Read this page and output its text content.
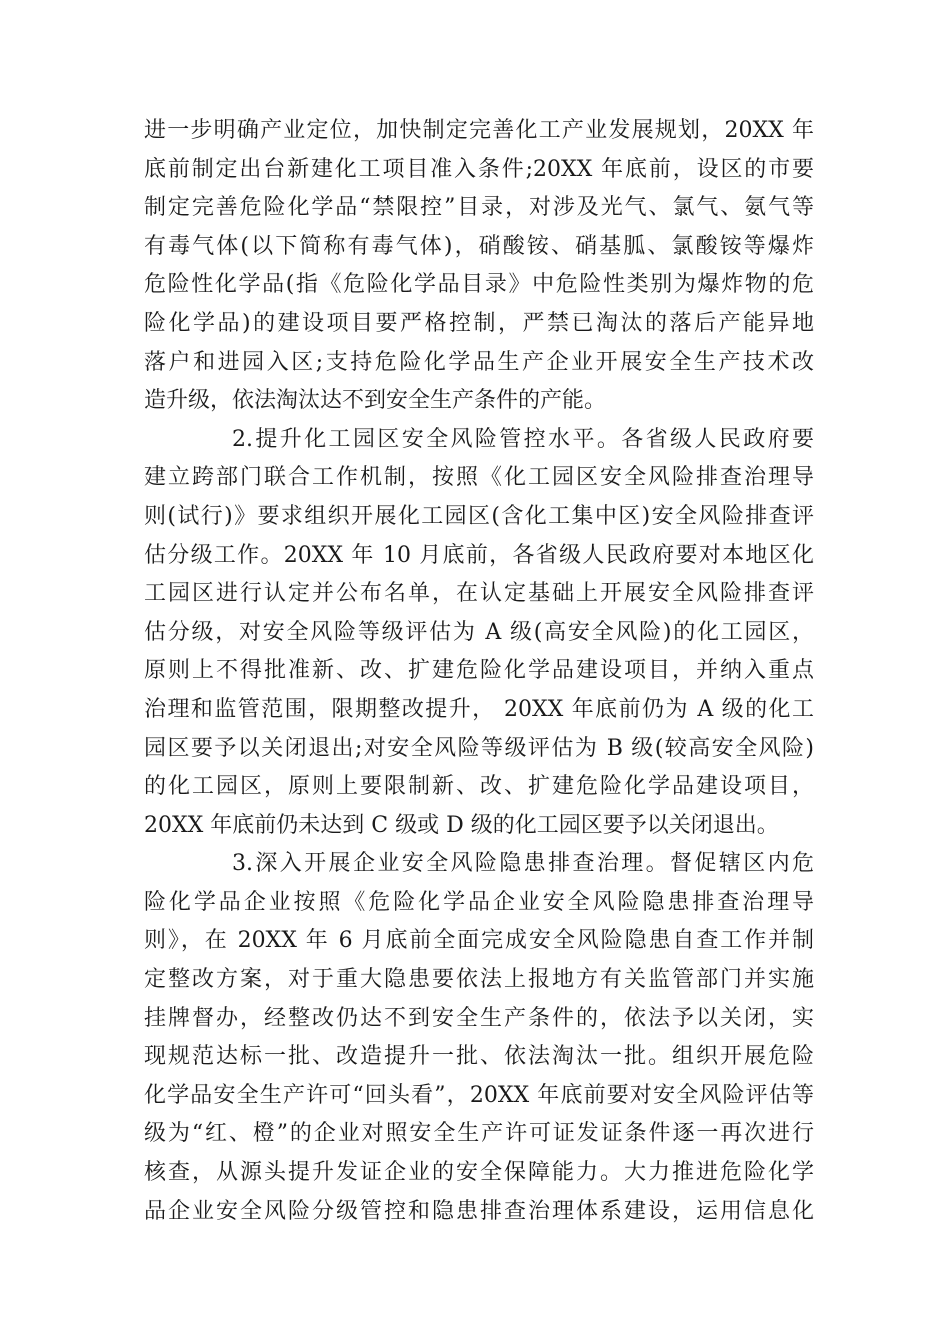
进一步明确产业定位，加快制定完善化工产业发展规划，20XX 年
底前制定出台新建化工项目准入条件;20XX 年底前，设区的市要
制定完善危险化学品“禁限控”目录，对涉及光气、氯气、氨气等
有毒气体(以下简称有毒气体)，硝酸铵、硝基胍、氯酸铵等爆炸
危险性化学品(指《危险化学品目录》中危险性类别为爆炸物的危
险化学品)的建设项目要严格控制，严禁已淘汰的落后产能异地
落户和进园入区;支持危险化学品生产企业开展安全生产技术改
造升级，依法淘汰达不到安全生产条件的产能。
2.提升化工园区安全风险管控水平。各省级人民政府要
建立跨部门联合工作机制，按照《化工园区安全风险排查治理导
则(试行)》要求组织开展化工园区(含化工集中区)安全风险排查评
估分级工作。20XX 年 10 月底前，各省级人民政府要对本地区化
工园区进行认定并公布名单，在认定基础上开展安全风险排查评
估分级，对安全风险等级评估为 A 级(高安全风险)的化工园区，
原则上不得批准新、改、扩建危险化学品建设项目，并纳入重点
治理和监管范围，限期整改提升， 20XX 年底前仍为 A 级的化工
园区要予以关闭退出;对安全风险等级评估为 B 级(较高安全风险)
的化工园区，原则上要限制新、改、扩建危险化学品建设项目，
20XX 年底前仍未达到 C 级或 D 级的化工园区要予以关闭退出。
3.深入开展企业安全风险隐患排查治理。督促辖区内危
险化学品企业按照《危险化学品企业安全风险隐患排查治理导
则》，在 20XX 年 6 月底前全面完成安全风险隐患自查工作并制
定整改方案，对于重大隐患要依法上报地方有关监管部门并实施
挂牌督办，经整改仍达不到安全生产条件的，依法予以关闭，实
现规范达标一批、改造提升一批、依法淘汰一批。组织开展危险
化学品安全生产许可“回头看”，20XX 年底前要对安全风险评估等
级为“红、橙”的企业对照安全生产许可证发证条件逐一再次进行
核查，从源头提升发证企业的安全保障能力。大力推进危险化学
品企业安全风险分级管控和隐患排查治理体系建设，运用信息化
